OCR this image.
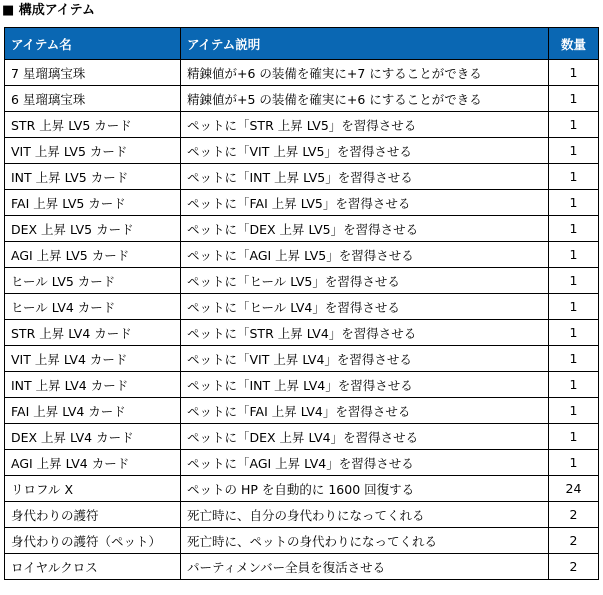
■ 構成アイテム
アイテム名	アイテム説明	数量
7 星瑠璃宝珠	精錬値が+6 の装備を確実に+7 にすることができる	1
6 星瑠璃宝珠	精錬値が+5 の装備を確実に+6 にすることができる	1
STR 上昇 LV5 カード	ペットに「STR 上昇 LV5」を習得させる	1
VIT 上昇 LV5 カード	ペットに「VIT 上昇 LV5」を習得させる	1
INT 上昇 LV5 カード	ペットに「INT 上昇 LV5」を習得させる	1
FAI 上昇 LV5 カード	ペットに「FAI 上昇 LV5」を習得させる	1
DEX 上昇 LV5 カード	ペットに「DEX 上昇 LV5」を習得させる	1
AGI 上昇 LV5 カード	ペットに「AGI 上昇 LV5」を習得させる	1
ヒール LV5 カード	ペットに「ヒール LV5」を習得させる	1
ヒール LV4 カード	ペットに「ヒール LV4」を習得させる	1
STR 上昇 LV4 カード	ペットに「STR 上昇 LV4」を習得させる	1
VIT 上昇 LV4 カード	ペットに「VIT 上昇 LV4」を習得させる	1
INT 上昇 LV4 カード	ペットに「INT 上昇 LV4」を習得させる	1
FAI 上昇 LV4 カード	ペットに「FAI 上昇 LV4」を習得させる	1
DEX 上昇 LV4 カード	ペットに「DEX 上昇 LV4」を習得させる	1
AGI 上昇 LV4 カード	ペットに「AGI 上昇 LV4」を習得させる	1
リロフル X	ペットの HP を自動的に 1600 回復する	24
身代わりの護符	死亡時に、自分の身代わりになってくれる	2
身代わりの護符（ペット）	死亡時に、ペットの身代わりになってくれる	2
ロイヤルクロス	パーティメンバー全員を復活させる	2
